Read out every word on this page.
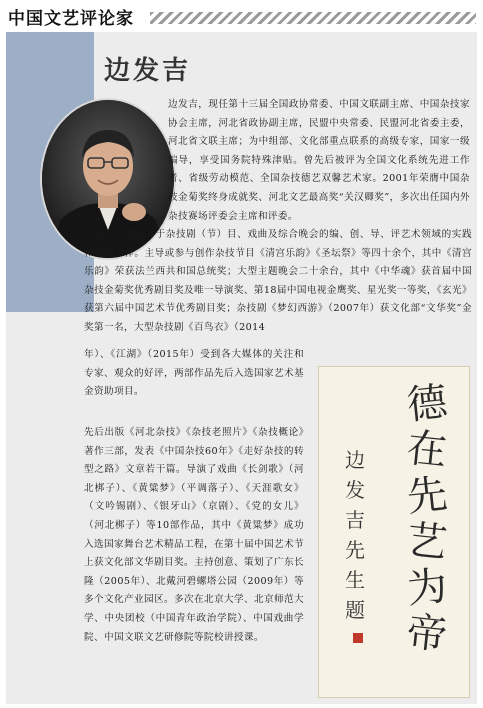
中国文艺评论家
边发吉

边发吉，现任第十三届全国政协常委、中国文联副主席、中国杂技家协会主席，河北省政协副主席，民盟中央常委、民盟河北省委主委，河北省文联主席；为中组部、文化部重点联系的高级专家，国家一级编导，享受国务院特殊津贴。曾先后被评为全国文化系统先进工作者、省级劳动模范、全国杂技德艺双馨艺术家。2001年荣膺中国杂技金菊奖终身成就奖、河北文艺最高奖“关汉卿奖”，多次出任国内外杂技赛场评委会主席和评委。

边发吉长期致力于杂技剧（节）目、戏曲及综合晚会的编、创、导、评艺术领域的实践和研究工作。主导或参与创作杂技节目《清宫乐韵》《圣坛祭》等四十余个，其中《清宫乐韵》荣获法兰西共和国总统奖；大型主题晚会二十余台，其中《中华魂》获首届中国杂技金菊奖优秀剧目奖及唯一导演奖、第18届中国电视金鹰奖、星光奖一等奖，《玄光》获第六届中国艺术节优秀剧目奖；杂技剧《梦幻西游》（2007年）获文化部“文华奖”金奖第一名，大型杂技剧《百鸟衣》（2014

年）、《江湖》（2015年）受到各大媒体的关注和专家、观众的好评，两部作品先后入选国家艺术基金资助项目。

先后出版《河北杂技》《杂技老照片》《杂技概论》著作三部，发表《中国杂技60年》《走好杂技的转型之路》文章若干篇。导演了戏曲《长剑歌》（河北梆子）、《黄粱梦》（平调落子）、《天涯歌女》（文吟锡剧）、《银牙山》（京剧）、《党的女儿》（河北梆子）等10部作品，其中《黄粱梦》成功入选国家舞台艺术精品工程，在第十届中国艺术节上获文化部文华剧目奖。主持创意、策划了广东长隆（2005年）、北戴河碧螺塔公园（2009年）等多个文化产业园区。多次在北京大学、北京师范大学、中央团校（中国青年政治学院）、中国戏曲学院、中国文联文艺研修院等院校讲授课。

德
在
先
艺
为
帝
边
发
吉
先
生
题
